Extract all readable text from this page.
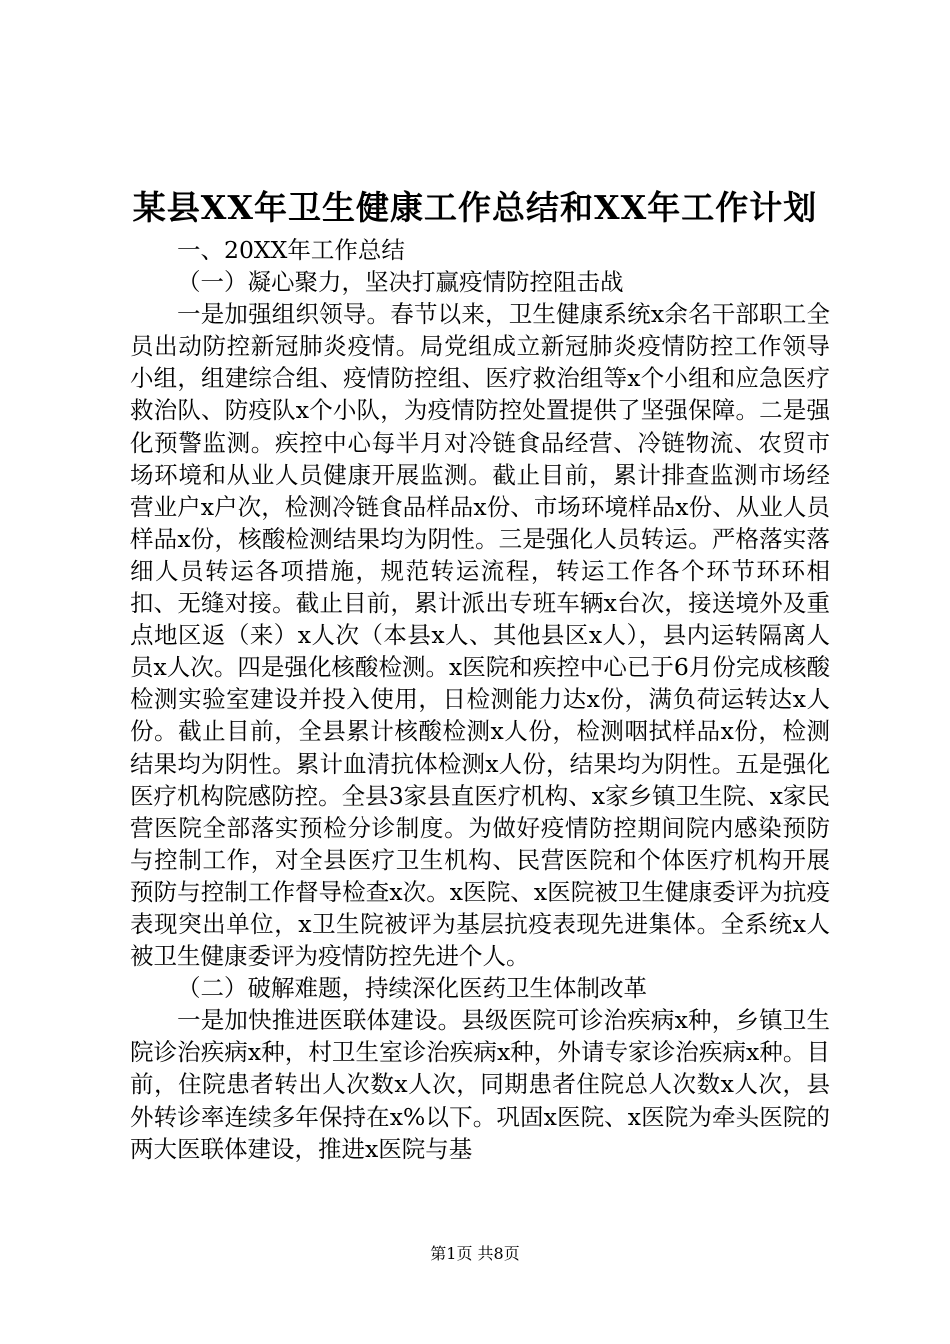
某县XX年卫生健康工作总结和XX年工作计划

一、20XX年工作总结

（一）凝心聚力，坚决打赢疫情防控阻击战

一是加强组织领导。春节以来，卫生健康系统x余名干部职工全员出动防控新冠肺炎疫情。局党组成立新冠肺炎疫情防控工作领导小组，组建综合组、疫情防控组、医疗救治组等x个小组和应急医疗救治队、防疫队x个小队，为疫情防控处置提供了坚强保障。二是强化预警监测。疾控中心每半月对冷链食品经营、冷链物流、农贸市场环境和从业人员健康开展监测。截止目前，累计排查监测市场经营业户x户次，检测冷链食品样品x份、市场环境样品x份、从业人员样品x份，核酸检测结果均为阴性。三是强化人员转运。严格落实落细人员转运各项措施，规范转运流程，转运工作各个环节环环相扣、无缝对接。截止目前，累计派出专班车辆x台次，接送境外及重点地区返（来）x人次（本县x人、其他县区x人），县内运转隔离人员x人次。四是强化核酸检测。x医院和疾控中心已于6月份完成核酸检测实验室建设并投入使用，日检测能力达x份，满负荷运转达x人份。截止目前，全县累计核酸检测x人份，检测咽拭样品x份，检测结果均为阴性。累计血清抗体检测x人份，结果均为阴性。五是强化医疗机构院感防控。全县3家县直医疗机构、x家乡镇卫生院、x家民营医院全部落实预检分诊制度。为做好疫情防控期间院内感染预防与控制工作，对全县医疗卫生机构、民营医院和个体医疗机构开展预防与控制工作督导检查x次。x医院、x医院被卫生健康委评为抗疫表现突出单位，x卫生院被评为基层抗疫表现先进集体。全系统x人被卫生健康委评为疫情防控先进个人。

（二）破解难题，持续深化医药卫生体制改革

一是加快推进医联体建设。县级医院可诊治疾病x种，乡镇卫生院诊治疾病x种，村卫生室诊治疾病x种，外请专家诊治疾病x种。目前，住院患者转出人次数x人次，同期患者住院总人次数x人次，县外转诊率连续多年保持在x%以下。巩固x医院、x医院为牵头医院的两大医联体建设，推进x医院与基

第1页 共8页
